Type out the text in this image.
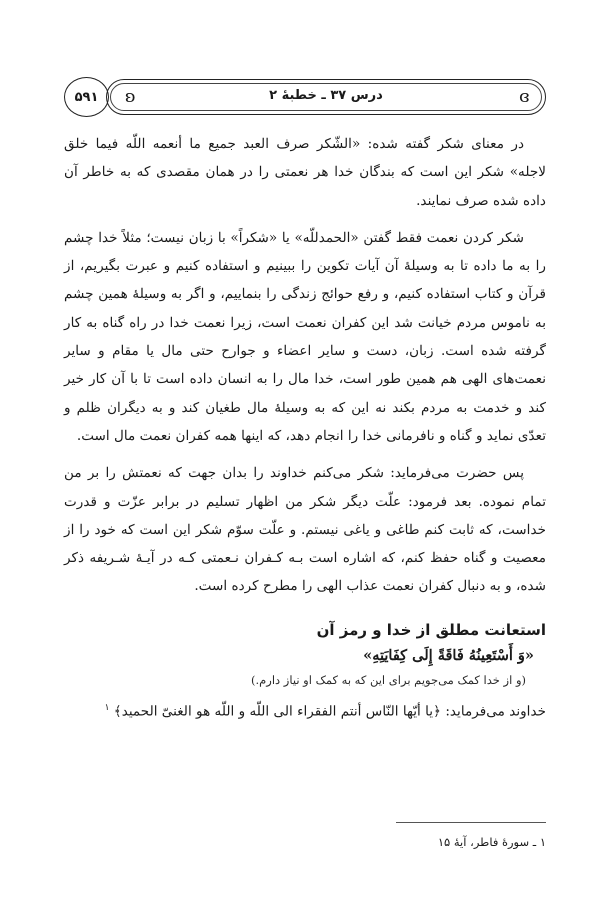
۵۹۱	ʚ	درس ۳۷ ـ خطبهٔ ۲	ʚ

در معنای شکر گفته شده: «الشّکر صرف العبد جمیع ما أنعمه اللّه فیما خلق لاجله» شکر این است که بندگان خدا هر نعمتی را در همان مقصدی که به خاطر آن داده شده صرف نمایند.

شکر کردن نعمت فقط گفتن «الحمدللّه» یا «شکراً» با زبان نیست؛ مثلاً خدا چشم را به ما داده تا به وسیلهٔ آن آیات تکوین را ببینیم و استفاده کنیم و عبرت بگیریم، از قرآن و کتاب استفاده کنیم، و رفع حوائج زندگی را بنماییم، و اگر به وسیلهٔ همین چشم به ناموس مردم خیانت شد این کفران نعمت است، زیرا نعمت خدا در راه گناه به کار گرفته شده است. زبان، دست و سایر اعضاء و جوارح حتی مال یا مقام و سایر نعمت‌های الهی هم همین طور است، خدا مال را به انسان داده است تا با آن کار خیر کند و خدمت به مردم بکند نه این که به وسیلهٔ مال طغیان کند و به دیگران ظلم و تعدّی نماید و گناه و نافرمانی خدا را انجام دهد، که اینها همه کفران نعمت مال است.

پس حضرت می‌فرماید: شکر می‌کنم خداوند را بدان جهت که نعمتش را بر من تمام نموده. بعد فرمود: علّت دیگر شکر من اظهار تسلیم در برابر عزّت و قدرت خداست، که ثابت کنم طاغی و یاغی نیستم. و علّت سوّم شکر این است که خود را از معصیت و گناه حفظ کنم، که اشاره است بـه کـفران نـعمتی کـه در آیـهٔ شـریفه ذکر شده، و به دنبال کفران نعمت عذاب الهی را مطرح کرده است.

استعانت مطلق از خدا و رمز آن
«وَ أَسْتَعِینُهُ فَاقَةً إِلَی کِفَایَتِهِ»
(و از خدا کمک می‌جویم برای این که به کمک او نیاز دارم.)
خداوند می‌فرماید: ﴿یا أیّها النّاس أنتم الفقراء الی اللّه و اللّه هو الغنیّ الحمید﴾ $^۱$
۱ ـ سورهٔ فاطر، آیهٔ ۱۵
